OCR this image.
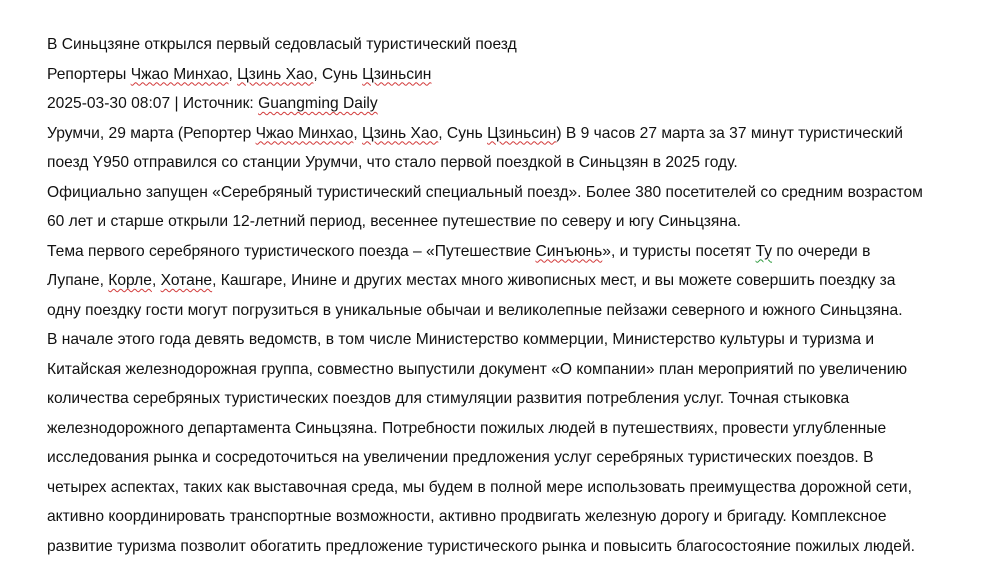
В Синьцзяне открылся первый седовласый туристический поезд
Репортеры Чжао Минхао, Цзинь Хао, Сунь Цзиньсин
2025-03-30 08:07 | Источник: Guangming Daily
Урумчи, 29 марта (Репортер Чжао Минхао, Цзинь Хао, Сунь Цзиньсин) В 9 часов 27 марта за 37 минут туристический
поезд Y950 отправился со станции Урумчи, что стало первой поездкой в Синьцзян в 2025 году.
Официально запущен «Серебряный туристический специальный поезд». Более 380 посетителей со средним возрастом
60 лет и старше открыли 12-летний период, весеннее путешествие по северу и югу Синьцзяна.
Тема первого серебряного туристического поезда – «Путешествие Синъюнь», и туристы посетят Ту по очереди в
Лупане, Корле, Хотане, Кашгаре, Инине и других местах много живописных мест, и вы можете совершить поездку за
одну поездку гости могут погрузиться в уникальные обычаи и великолепные пейзажи северного и южного Синьцзяна.
В начале этого года девять ведомств, в том числе Министерство коммерции, Министерство культуры и туризма и
Китайская железнодорожная группа, совместно выпустили документ «О компании» план мероприятий по увеличению
количества серебряных туристических поездов для стимуляции развития потребления услуг. Точная стыковка
железнодорожного департамента Синьцзяна. Потребности пожилых людей в путешествиях, провести углубленные
исследования рынка и сосредоточиться на увеличении предложения услуг серебряных туристических поездов. В
четырех аспектах, таких как выставочная среда, мы будем в полной мере использовать преимущества дорожной сети,
активно координировать транспортные возможности, активно продвигать железную дорогу и бригаду. Комплексное
развитие туризма позволит обогатить предложение туристического рынка и повысить благосостояние пожилых людей.
